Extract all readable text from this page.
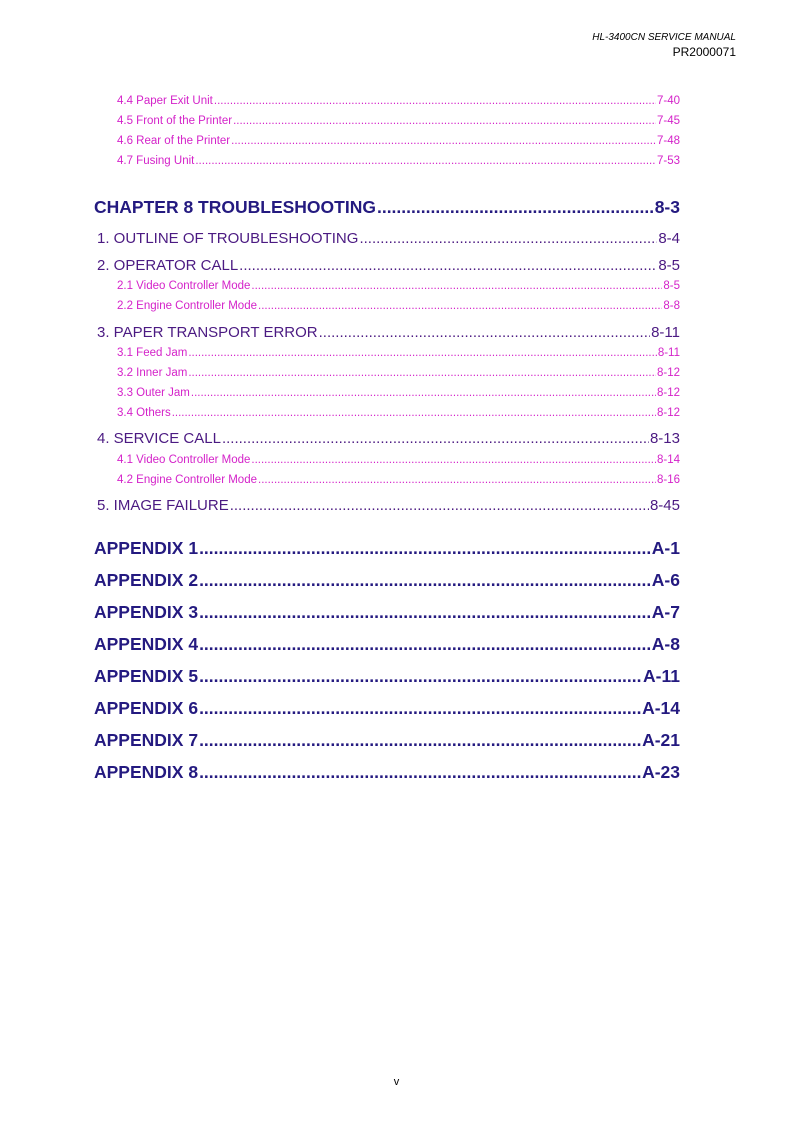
HL-3400CN SERVICE MANUAL
PR2000071
4.4 Paper Exit Unit .....	7-40
4.5 Front of the Printer .....	7-45
4.6 Rear of the Printer .....	7-48
4.7 Fusing Unit .....	7-53
CHAPTER 8 TROUBLESHOOTING .....	8-3
1. OUTLINE OF TROUBLESHOOTING .....	8-4
2. OPERATOR CALL .....	8-5
2.1 Video Controller Mode .....	8-5
2.2 Engine Controller Mode .....	8-8
3. PAPER TRANSPORT ERROR .....	8-11
3.1 Feed Jam .....	8-11
3.2 Inner Jam .....	8-12
3.3 Outer Jam .....	8-12
3.4 Others .....	8-12
4. SERVICE CALL .....	8-13
4.1 Video Controller Mode .....	8-14
4.2 Engine Controller Mode .....	8-16
5. IMAGE FAILURE .....	8-45
APPENDIX 1 .....	A-1
APPENDIX 2 .....	A-6
APPENDIX 3 .....	A-7
APPENDIX 4 .....	A-8
APPENDIX 5 .....	A-11
APPENDIX 6 .....	A-14
APPENDIX 7 .....	A-21
APPENDIX 8 .....	A-23
v
